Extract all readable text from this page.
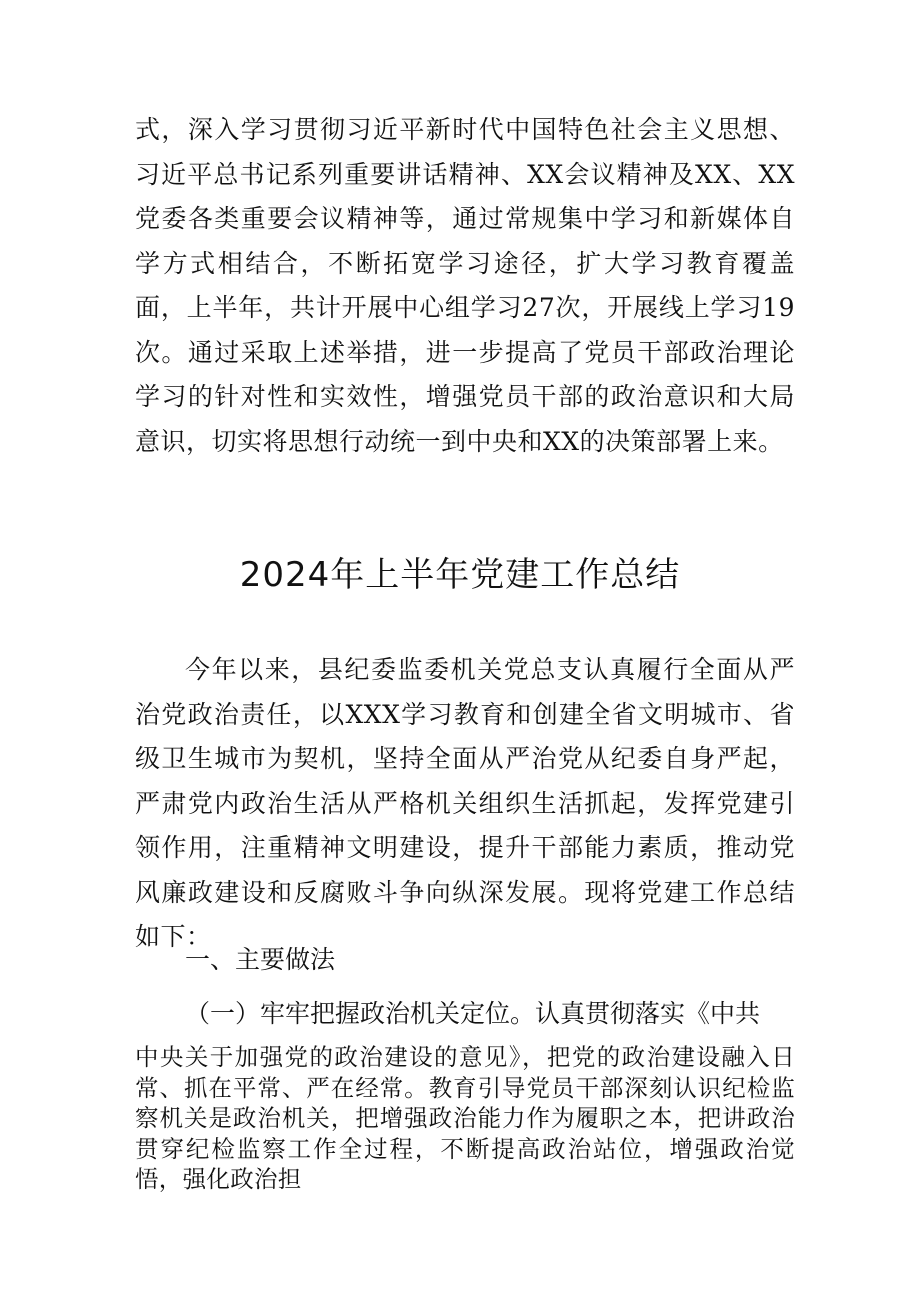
式，深入学习贯彻习近平新时代中国特色社会主义思想、习近平总书记系列重要讲话精神、XX会议精神及XX、XX党委各类重要会议精神等，通过常规集中学习和新媒体自学方式相结合，不断拓宽学习途径，扩大学习教育覆盖面，上半年，共计开展中心组学习27次，开展线上学习19次。通过采取上述举措，进一步提高了党员干部政治理论学习的针对性和实效性，增强党员干部的政治意识和大局意识，切实将思想行动统一到中央和XX的决策部署上来。

2024年上半年党建工作总结

今年以来，县纪委监委机关党总支认真履行全面从严治党政治责任，以XXX学习教育和创建全省文明城市、省级卫生城市为契机，坚持全面从严治党从纪委自身严起，严肃党内政治生活从严格机关组织生活抓起，发挥党建引领作用，注重精神文明建设，提升干部能力素质，推动党风廉政建设和反腐败斗争向纵深发展。现将党建工作总结如下：

一、主要做法

（一）牢牢把握政治机关定位。认真贯彻落实《中共

中央关于加强党的政治建设的意见》，把党的政治建设融入日常、抓在平常、严在经常。教育引导党员干部深刻认识纪检监察机关是政治机关，把增强政治能力作为履职之本，把讲政治贯穿纪检监察工作全过程，不断提高政治站位，增强政治觉悟，强化政治担
